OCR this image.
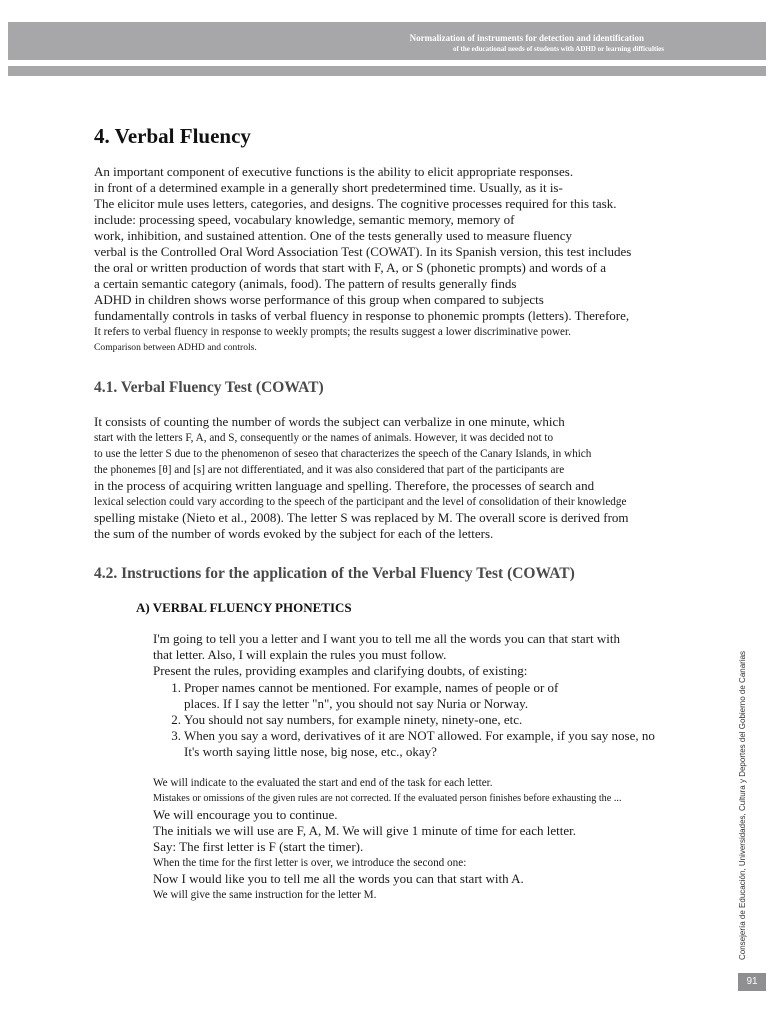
Normalization of instruments for detection and identification
of the educational needs of students with ADHD or learning difficulties
4. Verbal Fluency
An important component of executive functions is the ability to elicit appropriate responses.
in front of a determined example in a generally short predetermined time. Usually, as it is-
The elicitor mule uses letters, categories, and designs. The cognitive processes required for this task.
include: processing speed, vocabulary knowledge, semantic memory, memory of
work, inhibition, and sustained attention. One of the tests generally used to measure fluency
verbal is the Controlled Oral Word Association Test (COWAT). In its Spanish version, this test includes
the oral or written production of words that start with F, A, or S (phonetic prompts) and words of a
a certain semantic category (animals, food). The pattern of results generally finds
ADHD in children shows worse performance of this group when compared to subjects
fundamentally controls in tasks of verbal fluency in response to phonemic prompts (letters). Therefore,
It refers to verbal fluency in response to weekly prompts; the results suggest a lower discriminative power.
Comparison between ADHD and controls.
4.1. Verbal Fluency Test (COWAT)
It consists of counting the number of words the subject can verbalize in one minute, which
start with the letters F, A, and S, consequently or the names of animals. However, it was decided not to
to use the letter S due to the phenomenon of seseo that characterizes the speech of the Canary Islands, in which
the phonemes [θ] and [s] are not differentiated, and it was also considered that part of the participants are
in the process of acquiring written language and spelling. Therefore, the processes of search and
lexical selection could vary according to the speech of the participant and the level of consolidation of their knowledge
spelling mistake (Nieto et al., 2008). The letter S was replaced by M. The overall score is derived from
the sum of the number of words evoked by the subject for each of the letters.
4.2. Instructions for the application of the Verbal Fluency Test (COWAT)
A) VERBAL FLUENCY PHONETICS
I'm going to tell you a letter and I want you to tell me all the words you can that start with
that letter. Also, I will explain the rules you must follow.
Present the rules, providing examples and clarifying doubts, of existing:
1. Proper names cannot be mentioned. For example, names of people or of
places. If I say the letter "n", you should not say Nuria or Norway.
2. You should not say numbers, for example ninety, ninety-one, etc.
3. When you say a word, derivatives of it are NOT allowed. For example, if you say nose, no
It's worth saying little nose, big nose, etc., okay?
We will indicate to the evaluated the start and end of the task for each letter.
Mistakes or omissions of the given rules are not corrected. If the evaluated person finishes before exhausting the ...
We will encourage you to continue.
The initials we will use are F, A, M. We will give 1 minute of time for each letter.
Say: The first letter is F (start the timer).
When the time for the first letter is over, we introduce the second one:
Now I would like you to tell me all the words you can that start with A.
We will give the same instruction for the letter M.	Consejería de Educación, Universidades, Cultura y Deportes del Gobierno de Canarias
91
